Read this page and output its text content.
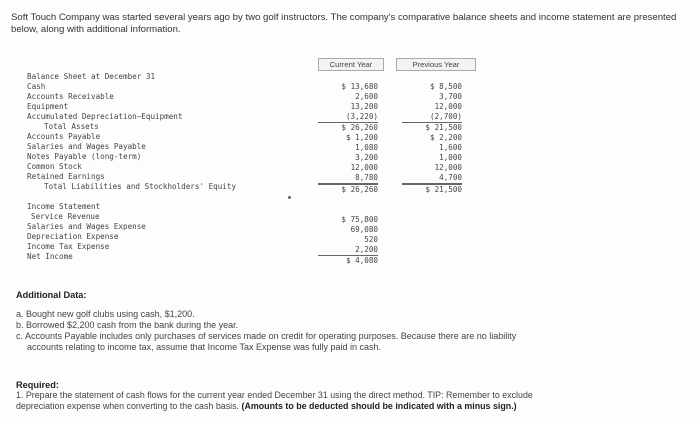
Soft Touch Company was started several years ago by two golf instructors. The company's comparative balance sheets and income statement are presented below, along with additional information.
Current Year	Previous Year
Balance Sheet at December 31
Cash
Accounts Receivable
Equipment
Accumulated Depreciation–Equipment
Total Assets
Accounts Payable
Salaries and Wages Payable
Notes Payable (long-term)
Common Stock
Retained Earnings
Total Liabilities and Stockholders' Equity
Income Statement
Service Revenue
Salaries and Wages Expense
Depreciation Expense
Income Tax Expense
Net Income
$ 13,680
2,600
13,200
(3,220)
$ 26,260
$ 1,200
1,080
3,200
12,000
8,780
$ 26,260
$ 75,800
69,080
520
2,200
$ 4,080
$ 8,500
3,700
12,000
(2,700)
$ 21,500
$ 2,200
1,600
1,000
12,000
4,700
$ 21,500
Additional Data:
a. Bought new golf clubs using cash, $1,200.
b. Borrowed $2,200 cash from the bank during the year.
c. Accounts Payable includes only purchases of services made on credit for operating purposes. Because there are no liability
accounts relating to income tax, assume that Income Tax Expense was fully paid in cash.
Required:
1. Prepare the statement of cash flows for the current year ended December 31 using the direct method. TIP: Remember to exclude
depreciation expense when converting to the cash basis. (Amounts to be deducted should be indicated with a minus sign.)
